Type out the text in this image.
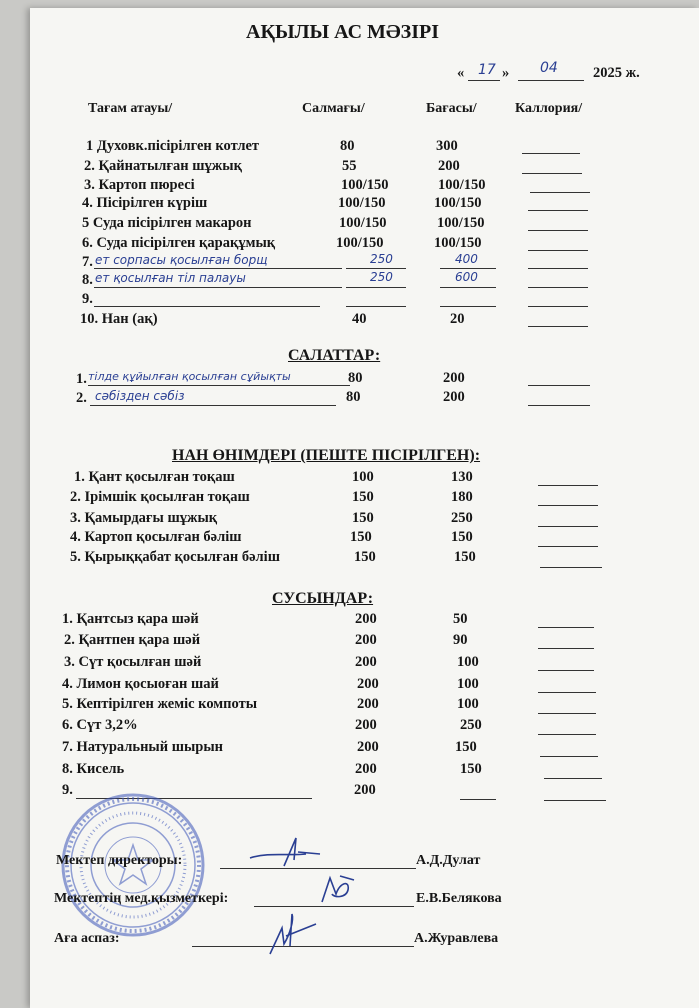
АҚЫЛЫ АС МӘЗІРІ
« 17 » 04 2025 ж.
Тағам атауы/	Салмағы/	Бағасы/	Каллория/
1 Духовк.пісірілген котлет	80	300
2. Қайнатылған шұжық	55	200
3. Картоп пюресі	100/150	100/150
4. Пісірілген күріш	100/150	100/150
5 Суда пісірілген макарон	100/150	100/150
6. Суда пісірілген қарақұмық	100/150	100/150
7. ет сорпасы қосылған борщ	250	400
8. ет қосылған тіл палауы	250	600
9.
10. Нан (ақ)	40	20
САЛАТТАР:
1. тілде құйылған қосылған сұйықты	80	200
2. сәбізден сәбіз	80	200
НАН ӨНІМДЕРІ (ПЕШТЕ ПІСІРІЛГЕН):
1. Қант қосылған тоқаш	100	130
2. Ірімшік қосылған тоқаш	150	180
3. Қамырдағы шұжық	150	250
4. Картоп қосылған бәліш	150	150
5. Қырыққабат қосылған бәліш	150	150
СУСЫНДАР:
1. Қантсыз қара шәй	200	50
2. Қантпен қара шәй	200	90
3. Сүт қосылған шәй	200	100
4. Лимон қосыоған шай	200	100
5. Кептірілген жеміс компоты	200	100
6. Сүт 3,2%	200	250
7. Натуральный шырын	200	150
8. Кисель	200	150
9.	200
Мектеп директоры:	А.Д.Дулат
Мектептің мед.қызметкері:	Е.В.Белякова
Аға аспаз:	А.Журавлева
